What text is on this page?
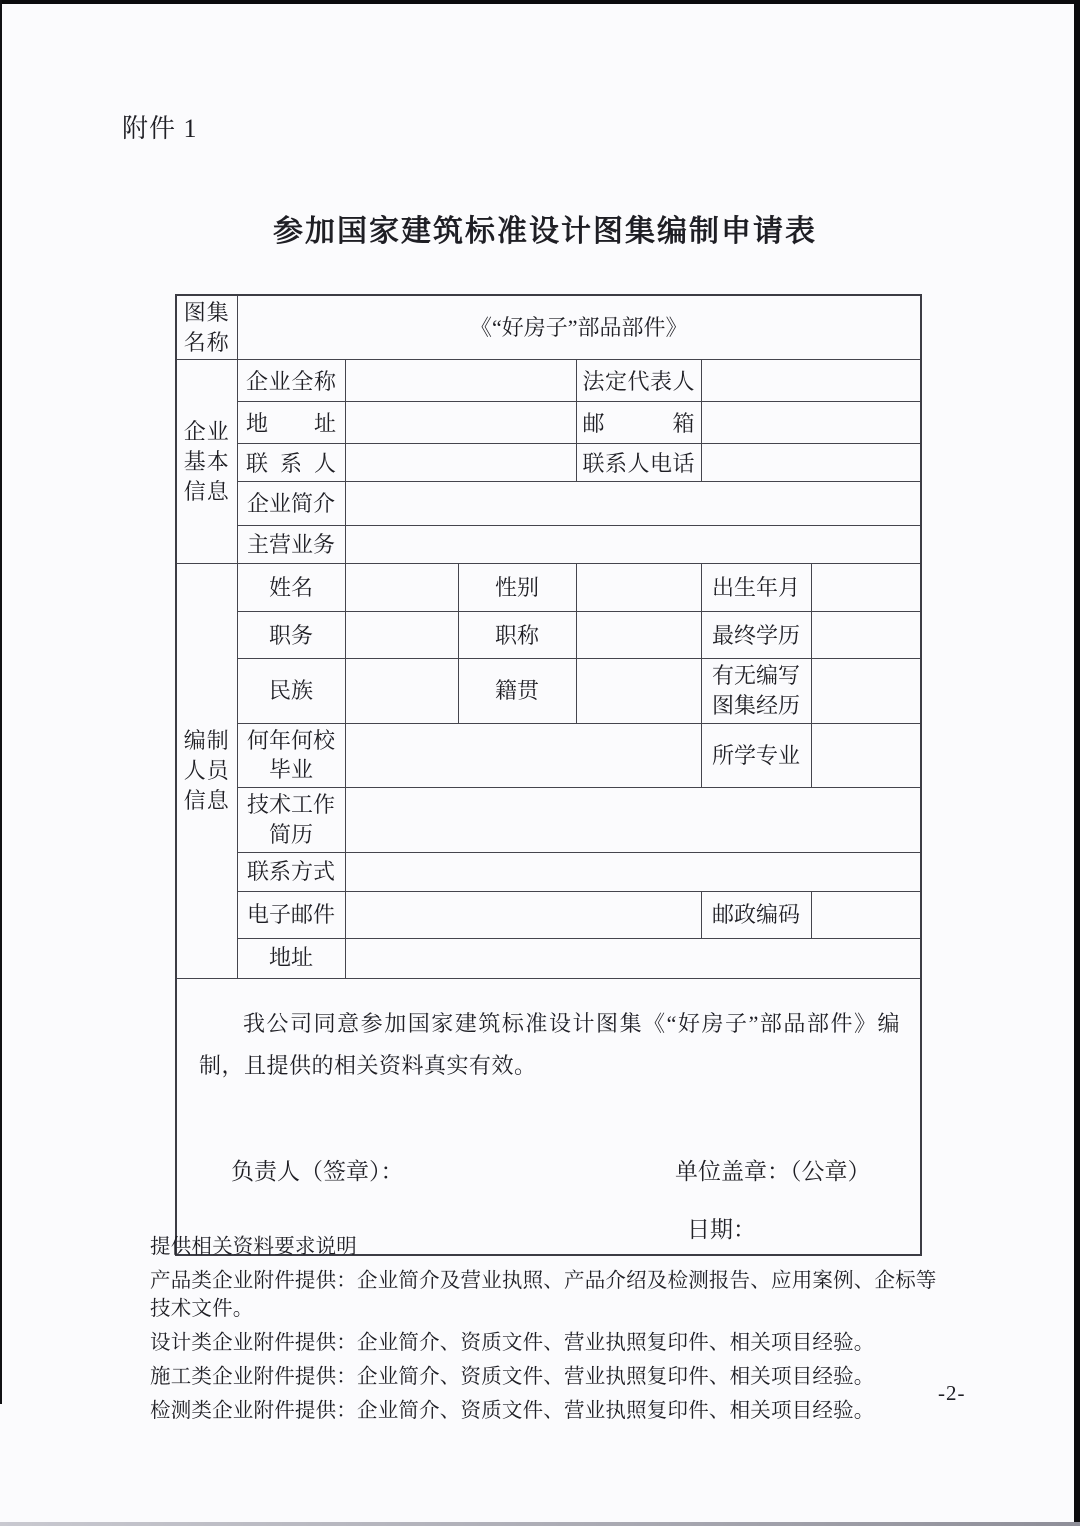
附件 1
参加国家建筑标准设计图集编制申请表
图集名称	《“好房子”部品部件》					
企业基本信息	企业全称			法定代表人		
	地址			邮箱		
	联系人			联系人电话		
	企业简介					
	主营业务					
编制人员信息	姓名		性别		出生年月	
	职务		职称		最终学历	
	民族		籍贯		有无编写图集经历	
	何年何校毕业				所学专业	
	技术工作简历					
	联系方式					
	电子邮件				邮政编码	
	地址					

我公司同意参加国家建筑标准设计图集《“好房子”部品部件》编制，且提供的相关资料真实有效。

负责人（签章）： 单位盖章：（公章）
日期：						
提供相关资料要求说明
产品类企业附件提供：企业简介及营业执照、产品介绍及检测报告、应用案例、企标等技术文件。
设计类企业附件提供：企业简介、资质文件、营业执照复印件、相关项目经验。
施工类企业附件提供：企业简介、资质文件、营业执照复印件、相关项目经验。
检测类企业附件提供：企业简介、资质文件、营业执照复印件、相关项目经验。
-2-
